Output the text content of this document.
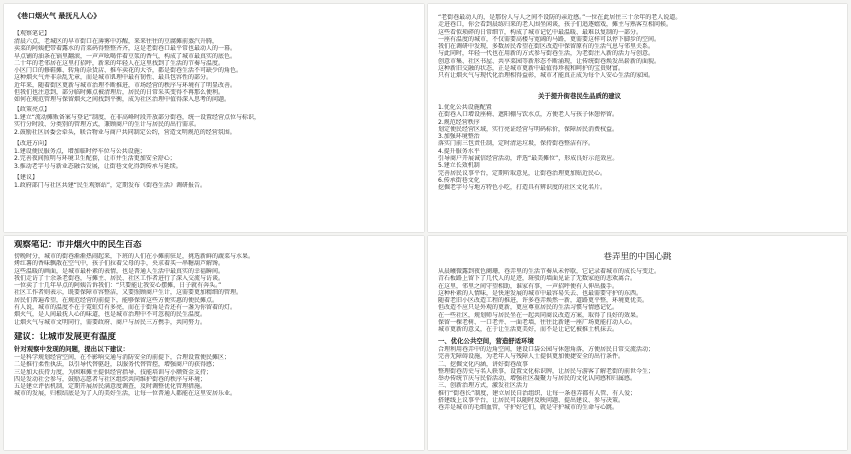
《巷口烟火气 最抚凡人心》
【观察笔记】
清晨六点，老城区的早市街口在薄雾中苏醒，来来往往的豆腐摊前蒸汽升腾，
卖菜的阿姨把带着露水的青菜码得整整齐齐，这是老街巷口最平常也最动人的一幕。
早点铺的油条在锅里翻滚，一声声吆喝伴着豆浆的香气，构成了城市最真实的底色。
二十年的老邻居在这里打招呼，新来的年轻人在这里找到了生活的节奏与温度。
小区门口的修鞋摊、转角的杂货店、推车卖花的大爷，都是街巷生活不可缺少的角色。
这种烟火气并非杂乱无章，而是城市肌理中最有韧性、最具包容性的部分。
近年来，随着街区更新与城市治理不断推进，市场经营的秩序与环境有了明显改善。
但我们也注意到，部分临时摊点被清理后，居民的日常采买变得不再那么便利。
如何在规范管理与保留烟火之间找到平衡，成为社区治理中值得深入思考的问题。
【政策亮点】
1.建立“流动摊贩备案与登记”制度，在非高峰时段开放部分街巷，统一设置经营点位与标识，
实行分时段、分类别的管理方式，兼顾商户的生计与居民的出行需求。
2.鼓励社区居委会牵头，联合物业与商户共同制定公约，营造文明规范的经营氛围。
【改进方向】
1.建设便民服务点，增加临时停车位与公共设施；
2.完善夜间照明与环境卫生配套，让市井生活更加安全舒心；
3.推动老字号与新业态融合发展，让街巷文化得到传承与延续。
【建议】
1.政府部门与社区共建“民生观察站”，定期发布《街巷生活》调研报告。
“老街巷最动人的，是那份人与人之间不设防的亲近感。”一位在此居住三十余年的老人说道。
走进巷口，你会看到晨练归来的老人围坐闲谈，孩子们追逐嬉戏，摊主与熟客互相问候。
这些看似琐碎的日常细节，构成了城市记忆中最温暖、最难以复制的一部分。
一座有温度的城市，不仅需要高楼与宽阔的马路，更需要这样可以停下脚步的空间。
我们在调研中发现，多数居民希望在街区改造中保留原有的生活气息与邻里关系。
与此同时，年轻一代也在用新的方式参与街巷生活，为老街注入新的活力与创意。
创意市集、社区书屋、共享菜园等新形态不断涌现，让传统街巷焕发出崭新的面貌。
这种新旧交融的状态，正是城市更新中最值得珍视和呵护的宝贵财富。
只有让烟火气与现代化治理相得益彰，城市才能真正成为每个人安心生活的家园。
关于提升街巷民生品质的建议
1.优化公共设施配置
在街巷入口增设座椅、遮阳棚与饮水点，方便老人与孩子休憩停留。
2.规范经营秩序
划定便民经营区域，实行亮证经营与明码标价，保障居民消费权益。
3.加强环境整治
落实门前三包责任制，定时清运垃圾，保持街巷整洁有序。
4.提升服务水平
引导商户开展诚信经营活动，评选“最美摊位”，形成良好示范效应。
5.建立长效机制
完善居民议事平台，定期听取意见，让街巷治理更加贴近民心。
6.传承街巷文化
挖掘老字号与地方特色小吃，打造具有辨识度的社区文化名片。
观察笔记：市井烟火中的民生百态
傍晚时分，城市的街巷渐渐热闹起来，下班的人们在小摊前驻足，挑选新鲜的蔬菜与水果。
烤红薯的香味飘散在空气中，孩子们拉着父母的手，央求着买一串糖葫芦解馋。
这些温暖的画面，是城市最朴素的表情，也是普通人生活中最真实的幸福瞬间。
我们走访了十余条老街巷，与摊主、居民、社区工作者进行了深入交流与访谈。
一位卖了十几年早点的阿姨告诉我们：“只要能让我安心摆摊，日子就有奔头。”
社区工作者则表示，既要保障市容整洁，又要照顾商户生计，这需要更加精细的管理。
居民们普遍希望，在规范经营的前提下，能够保留这些方便实惠的便民摊点。
有人说，城市的温度不在于霓虹灯有多亮，而在于街角是否还有一盏为你留着的灯。
烟火气，是人间最抚人心的味道，也是城市治理中不可忽视的民生温度。
让烟火气与城市文明同行，需要政府、商户与居民三方携手，共同努力。
建议：让城市发展更有温度
针对观察中发现的问题，提出以下建议：
一是科学规划经营空间，在不影响交通与消防安全的前提下，合理设置便民摊区；
二是推行柔性执法，以引导代替驱赶，以服务代替管控，增强商户的获得感；
三是加大扶持力度，为困难摊主提供经营指导、技能培训与小额资金支持；
四是发动社会参与，鼓励志愿者与社区组织共同维护街巷的秩序与环境；
五是建立评估机制，定期开展居民满意度调查，及时调整优化管理措施。
城市的发展，归根结底是为了人的美好生活，让每一位普通人都能在这里安居乐业。
巷弄里的中国心跳
从晨曦微露到夜色阑珊，巷弄里的生活节奏从未停歇，它记录着城市的成长与变迁。
青石板路上留下了几代人的足迹，斑驳的墙面见证了无数家庭的悲欢离合。
在这里，邻里之间守望相助，谁家有事，一声招呼便有人伸出援手。
这种朴素的人情味，是快速发展的城市中最容易失去、也最需要守护的东西。
随着老旧小区改造工程的推进，许多巷弄焕然一新，道路更平整，环境更优美。
但改造不应只是外观的更新，更应尊重居民的生活习惯与情感记忆。
在一些社区，规划师与居民坐在一起共同商议改造方案，取得了良好的效果。
保留一棵老树、一口老井、一面老墙，往往比新建一座广场更能打动人心。
城市更新的意义，在于让生活更美好，而不是让记忆被推土机抹去。
一、优化公共空间，营造舒适环境
合理利用巷弄中的边角空间，建设口袋公园与休憩角落，方便居民日常交流活动；
完善无障碍设施，为老年人与残障人士提供更加便捷安全的出行条件。
二、挖掘文化内涵，讲好街巷故事
整理街巷历史与名人轶事，设置文化标识牌，让居民与游客了解老街的前世今生；
举办传统节庆与民俗活动，增强社区凝聚力与居民的文化认同感和归属感。
三、创新治理方式，激发社区活力
推行“街巷长”制度，建立居民自治组织，让每一条巷弄都有人管、有人爱；
搭建线上议事平台，让居民可以随时反映问题、提出建议、参与决策。
巷弄是城市的毛细血管，守护好它们，就是守护城市的生命与心跳。
